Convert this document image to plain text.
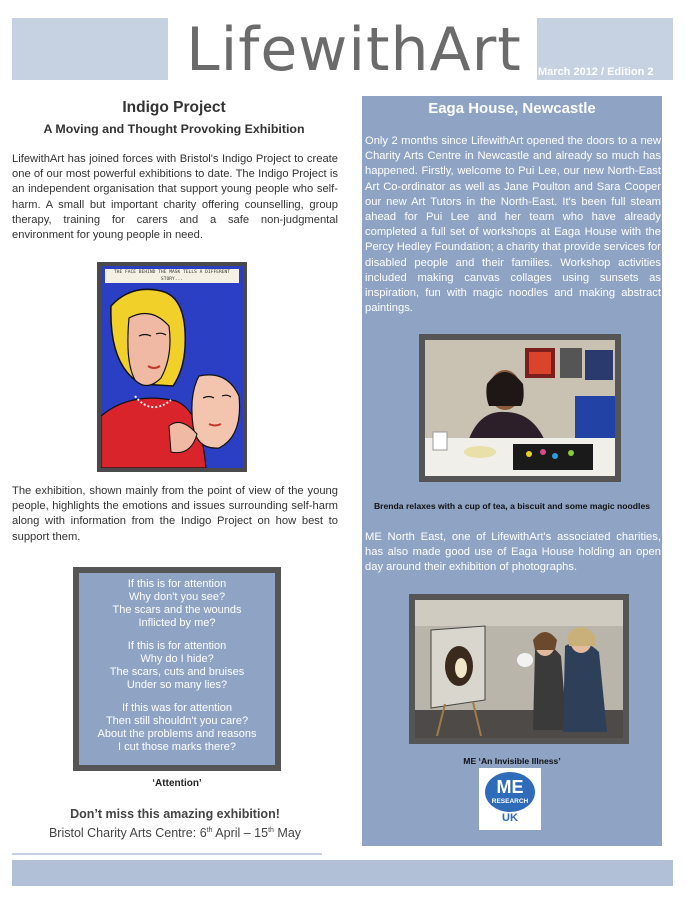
LifewithArt	March 2012 / Edition 2
Indigo Project
A Moving and Thought Provoking Exhibition

LifewithArt has joined forces with Bristol's Indigo Project to create one of our most powerful exhibitions to date. The Indigo Project is an independent organisation that support young people who self-harm. A small but important charity offering counselling, group therapy, training for carers and a safe non-judgmental environment for young people in need.

THE FACE BEHIND THE MASK TELLS A DIFFERENT STORY...

The exhibition, shown mainly from the point of view of the young people, highlights the emotions and issues surrounding self-harm along with information from the Indigo Project on how best to support them.

If this is for attention
Why don't you see?
The scars and the wounds
Inflicted by me?
If this is for attention
Why do I hide?
The scars, cuts and bruises
Under so many lies?
If this was for attention
Then still shouldn't you care?
About the problems and reasons
I cut those marks there?
‘Attention’
Don’t miss this amazing exhibition!
Bristol Charity Arts Centre: 6th April – 15th May
Eaga House, Newcastle

Only 2 months since LifewithArt opened the doors to a new Charity Arts Centre in Newcastle and already so much has happened. Firstly, welcome to Pui Lee, our new North-East Art Co-ordinator as well as Jane Poulton and Sara Cooper our new Art Tutors in the North-East. It's been full steam ahead for Pui Lee and her team who have already completed a full set of workshops at Eaga House with the Percy Hedley Foundation; a charity that provide services for disabled people and their families. Workshop activities included making canvas collages using sunsets as inspiration, fun with magic noodles and making abstract paintings.

Brenda relaxes with a cup of tea, a biscuit and some magic noodles

ME North East, one of LifewithArt's associated charities, has also made good use of Eaga House holding an open day around their exhibition of photographs.

ME ‘An Invisible Illness’
ME
RESEARCH
UK
